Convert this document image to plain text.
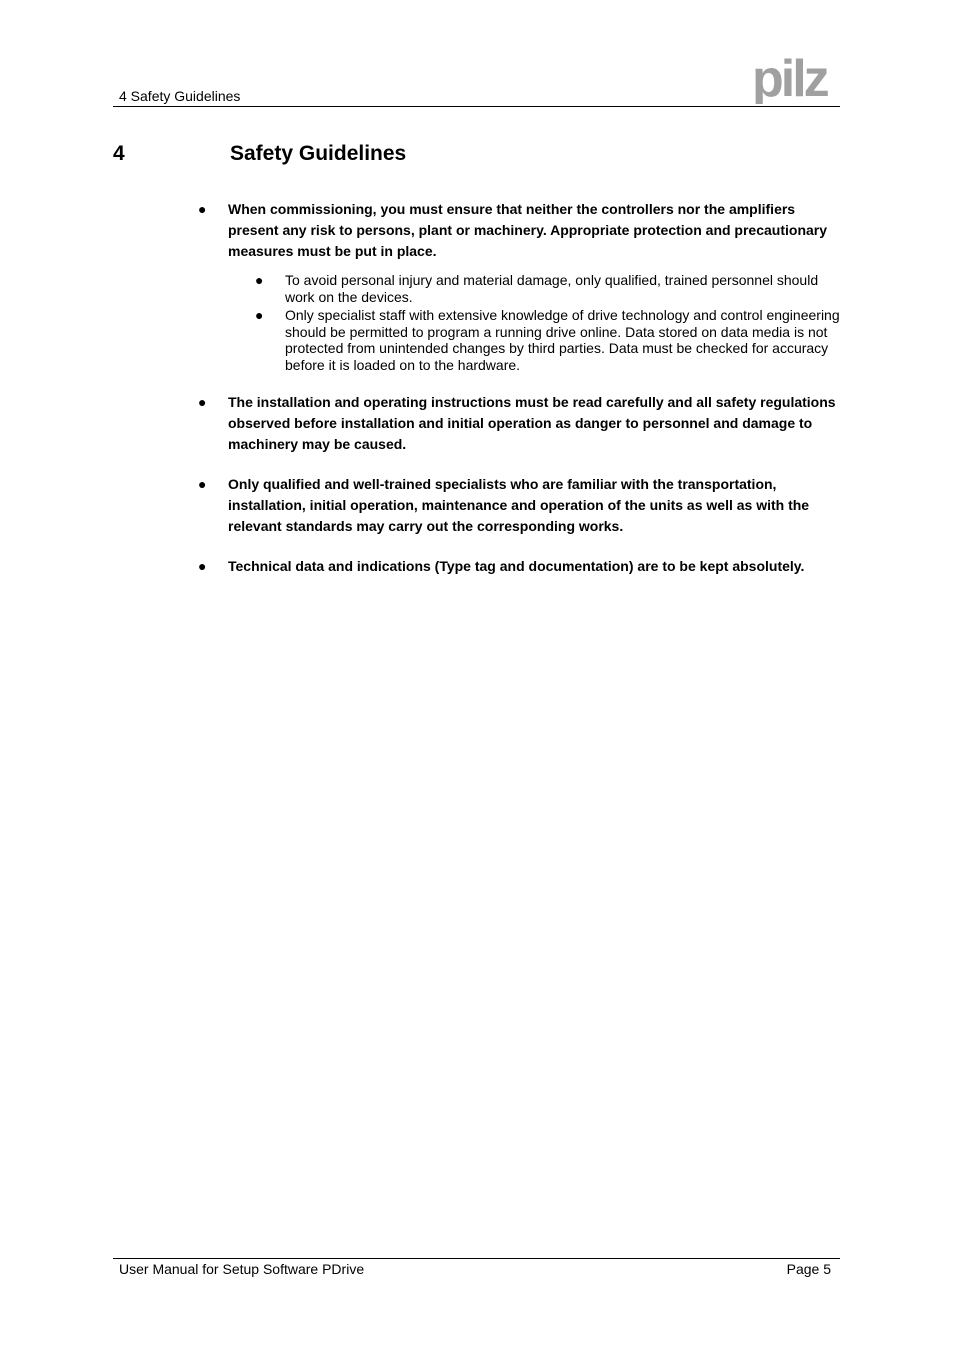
4 Safety Guidelines	pilz
4	Safety Guidelines
● When commissioning, you must ensure that neither the controllers nor the amplifiers present any risk to persons, plant or machinery. Appropriate protection and precautionary measures must be put in place.
● To avoid personal injury and material damage, only qualified, trained personnel should work on the devices.
● Only specialist staff with extensive knowledge of drive technology and control engineering should be permitted to program a running drive online. Data stored on data media is not protected from unintended changes by third parties. Data must be checked for accuracy before it is loaded on to the hardware.
● The installation and operating instructions must be read carefully and all safety regulations observed before installation and initial operation as danger to personnel and damage to machinery may be caused.
● Only qualified and well-trained specialists who are familiar with the transportation, installation, initial operation, maintenance and operation of the units as well as with the relevant standards may carry out the corresponding works.
● Technical data and indications (Type tag and documentation) are to be kept absolutely.
User Manual for Setup Software PDrive	Page 5
